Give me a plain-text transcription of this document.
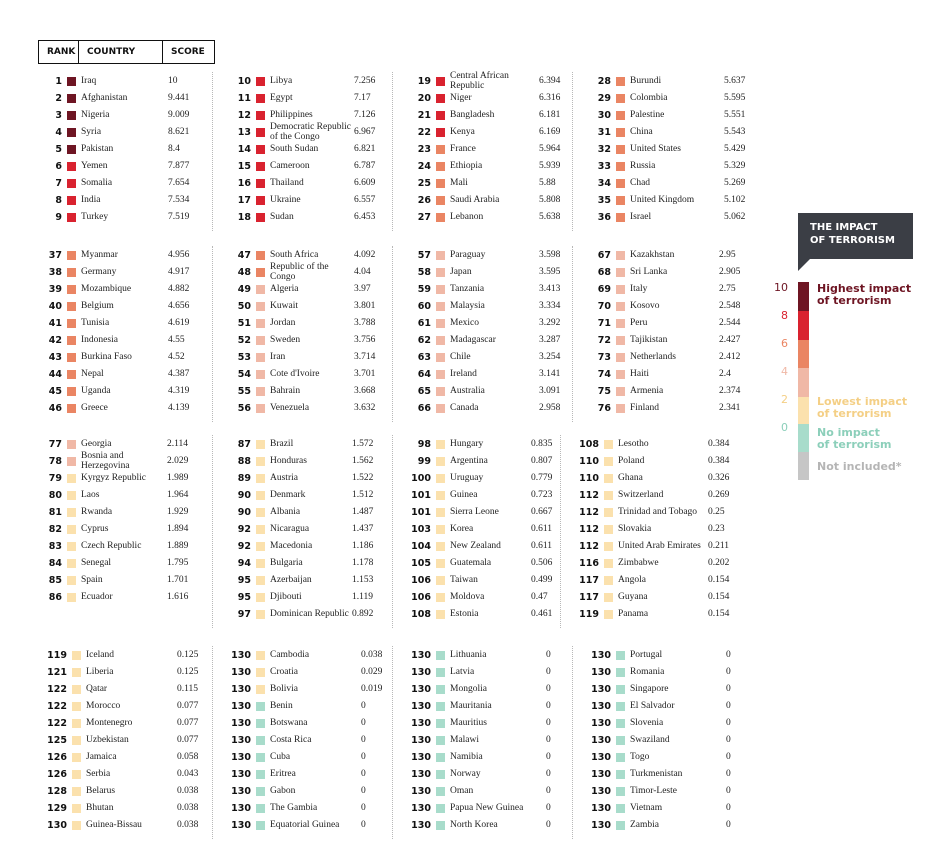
RANK	COUNTRY	SCORE
1 Iraq	10
2 Afghanistan	9.441
3 Nigeria	9.009
4 Syria	8.621
5 Pakistan	8.4
6 Yemen	7.877
7 Somalia	7.654
8 India	7.534
9 Turkey	7.519
10 Libya	7.256
11 Egypt	7.17
12 Philippines	7.126
13 Democratic Republic of the Congo	6.967
14 South Sudan	6.821
15 Cameroon	6.787
16 Thailand	6.609
17 Ukraine	6.557
18 Sudan	6.453
19 Central African Republic	6.394
20 Niger	6.316
21 Bangladesh	6.181
22 Kenya	6.169
23 France	5.964
24 Ethiopia	5.939
25 Mali	5.88
26 Saudi Arabia	5.808
27 Lebanon	5.638
28 Burundi	5.637
29 Colombia	5.595
30 Palestine	5.551
31 China	5.543
32 United States	5.429
33 Russia	5.329
34 Chad	5.269
35 United Kingdom	5.102
36 Israel	5.062
37 Myanmar	4.956
38 Germany	4.917
39 Mozambique	4.882
40 Belgium	4.656
41 Tunisia	4.619
42 Indonesia	4.55
43 Burkina Faso	4.52
44 Nepal	4.387
45 Uganda	4.319
46 Greece	4.139
47 South Africa	4.092
48 Republic of the Congo	4.04
49 Algeria	3.97
50 Kuwait	3.801
51 Jordan	3.788
52 Sweden	3.756
53 Iran	3.714
54 Cote d'Ivoire	3.701
55 Bahrain	3.668
56 Venezuela	3.632
57 Paraguay	3.598
58 Japan	3.595
59 Tanzania	3.413
60 Malaysia	3.334
61 Mexico	3.292
62 Madagascar	3.287
63 Chile	3.254
64 Ireland	3.141
65 Australia	3.091
66 Canada	2.958
67 Kazakhstan	2.95
68 Sri Lanka	2.905
69 Italy	2.75
70 Kosovo	2.548
71 Peru	2.544
72 Tajikistan	2.427
73 Netherlands	2.412
74 Haiti	2.4
75 Armenia	2.374
76 Finland	2.341
77 Georgia	2.114
78 Bosnia and Herzegovina	2.029
79 Kyrgyz Republic 1.989
80 Laos	1.964
81 Rwanda	1.929
82 Cyprus	1.894
83 Czech Republic	1.889
84 Senegal	1.795
85 Spain	1.701
86 Ecuador	1.616
87 Brazil	1.572
88 Honduras	1.562
89 Austria	1.522
90 Denmark	1.512
90 Albania	1.487
92 Nicaragua	1.437
92 Macedonia	1.186
94 Bulgaria	1.178
95 Azerbaijan	1.153
95 Djibouti	1.119
97 Dominican Republic 0.892
98 Hungary	0.835
99 Argentina	0.807
100 Uruguay	0.779
101 Guinea	0.723
101 Sierra Leone	0.667
103 Korea	0.611
104 New Zealand	0.611
105 Guatemala	0.506
106 Taiwan	0.499
106 Moldova	0.47
108 Estonia	0.461
108 Lesotho	0.384
110 Poland	0.384
110 Ghana	0.326
112 Switzerland	0.269
112 Trinidad and Tobago 0.25
112 Slovakia	0.23
112 United Arab Emirates 0.211
116 Zimbabwe	0.202
117 Angola	0.154
117 Guyana	0.154
119 Panama	0.154
119 Iceland	0.125
121 Liberia	0.125
122 Qatar	0.115
122 Morocco	0.077
122 Montenegro	0.077
125 Uzbekistan	0.077
126 Jamaica	0.058
126 Serbia	0.043
128 Belarus	0.038
129 Bhutan	0.038
130 Guinea-Bissau	0.038
130 Cambodia	0.038
130 Croatia	0.029
130 Bolivia	0.019
130 Benin	0
130 Botswana	0
130 Costa Rica	0
130 Cuba	0
130 Eritrea	0
130 Gabon	0
130 The Gambia	0
130 Equatorial Guinea 0
130 Lithuania	0
130 Latvia	0
130 Mongolia	0
130 Mauritania	0
130 Mauritius	0
130 Malawi	0
130 Namibia	0
130 Norway	0
130 Oman	0
130 Papua New Guinea 0
130 North Korea	0
130 Portugal	0
130 Romania	0
130 Singapore	0
130 El Salvador	0
130 Slovenia	0
130 Swaziland	0
130 Togo	0
130 Turkmenistan	0
130 Timor-Leste	0
130 Vietnam	0
130 Zambia	0
THE IMPACT
OF TERRORISM
10
8
6
4
2
0
Highest impact
of terrorism
Lowest impact
of terrorism
No impact
of terrorism
Not included*
